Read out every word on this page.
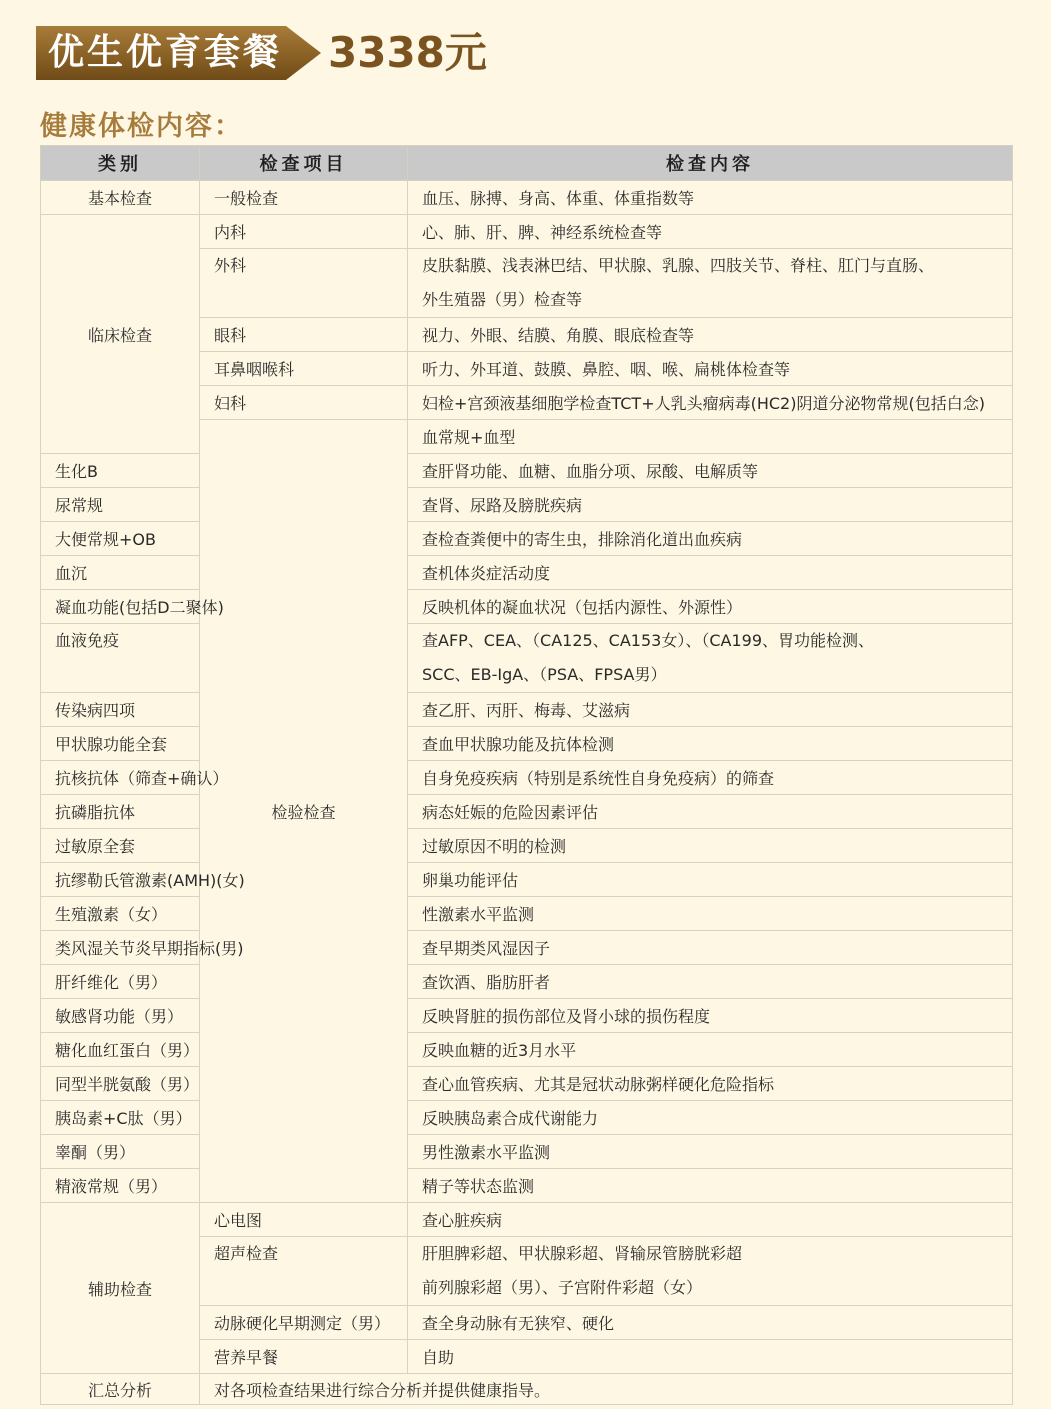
优生优育套餐 3338元
健康体检内容：
类别	检查项目	检查内容	
基本检查	一般检查	血压、脉搏、身高、体重、体重指数等	
临床检查	内科	心、肺、肝、脾、神经系统检查等	
	外科	皮肤黏膜、浅表淋巴结、甲状腺、乳腺、四肢关节、脊柱、肛门与直肠、
外生殖器（男）检查等	

	眼科	视力、外眼、结膜、角膜、眼底检查等	
	耳鼻咽喉科	听力、外耳道、鼓膜、鼻腔、咽、喉、扁桃体检查等	
	妇科	妇检+宫颈液基细胞学检查TCT+人乳头瘤病毒(HC2)阴道分泌物常规(包括白念)	
	检验检查	血常规+血型	
生化B		查肝肾功能、血糖、血脂分项、尿酸、电解质等	
尿常规		查肾、尿路及膀胱疾病	
大便常规+OB		查检查粪便中的寄生虫，排除消化道出血疾病	
血沉		查机体炎症活动度	
凝血功能(包括D二聚体)		反映机体的凝血状况（包括内源性、外源性）	
血液免疫		查AFP、CEA、（CA125、CA153女）、（CA199、胃功能检测、
SCC、EB-IgA、（PSA、FPSA男）	

传染病四项		查乙肝、丙肝、梅毒、艾滋病	
甲状腺功能全套		查血甲状腺功能及抗体检测	
抗核抗体（筛查+确认）		自身免疫疾病（特别是系统性自身免疫病）的筛查	
抗磷脂抗体		病态妊娠的危险因素评估	
过敏原全套		过敏原因不明的检测	
抗缪勒氏管激素(AMH)(女)		卵巢功能评估	
生殖激素（女）		性激素水平监测	
类风湿关节炎早期指标(男)		查早期类风湿因子	
肝纤维化（男）		查饮酒、脂肪肝者	
敏感肾功能（男）		反映肾脏的损伤部位及肾小球的损伤程度	
糖化血红蛋白（男）		反映血糖的近3月水平	
同型半胱氨酸（男）		查心血管疾病、尤其是冠状动脉粥样硬化危险指标	
胰岛素+C肽（男）		反映胰岛素合成代谢能力	
睾酮（男）		男性激素水平监测	
精液常规（男）		精子等状态监测	
辅助检查	心电图	查心脏疾病	
	超声检查	肝胆脾彩超、甲状腺彩超、肾输尿管膀胱彩超
前列腺彩超（男）、子宫附件彩超（女）	

	动脉硬化早期测定（男）	查全身动脉有无狭窄、硬化	
	营养早餐	自助	
汇总分析	对各项检查结果进行综合分析并提供健康指导。		
